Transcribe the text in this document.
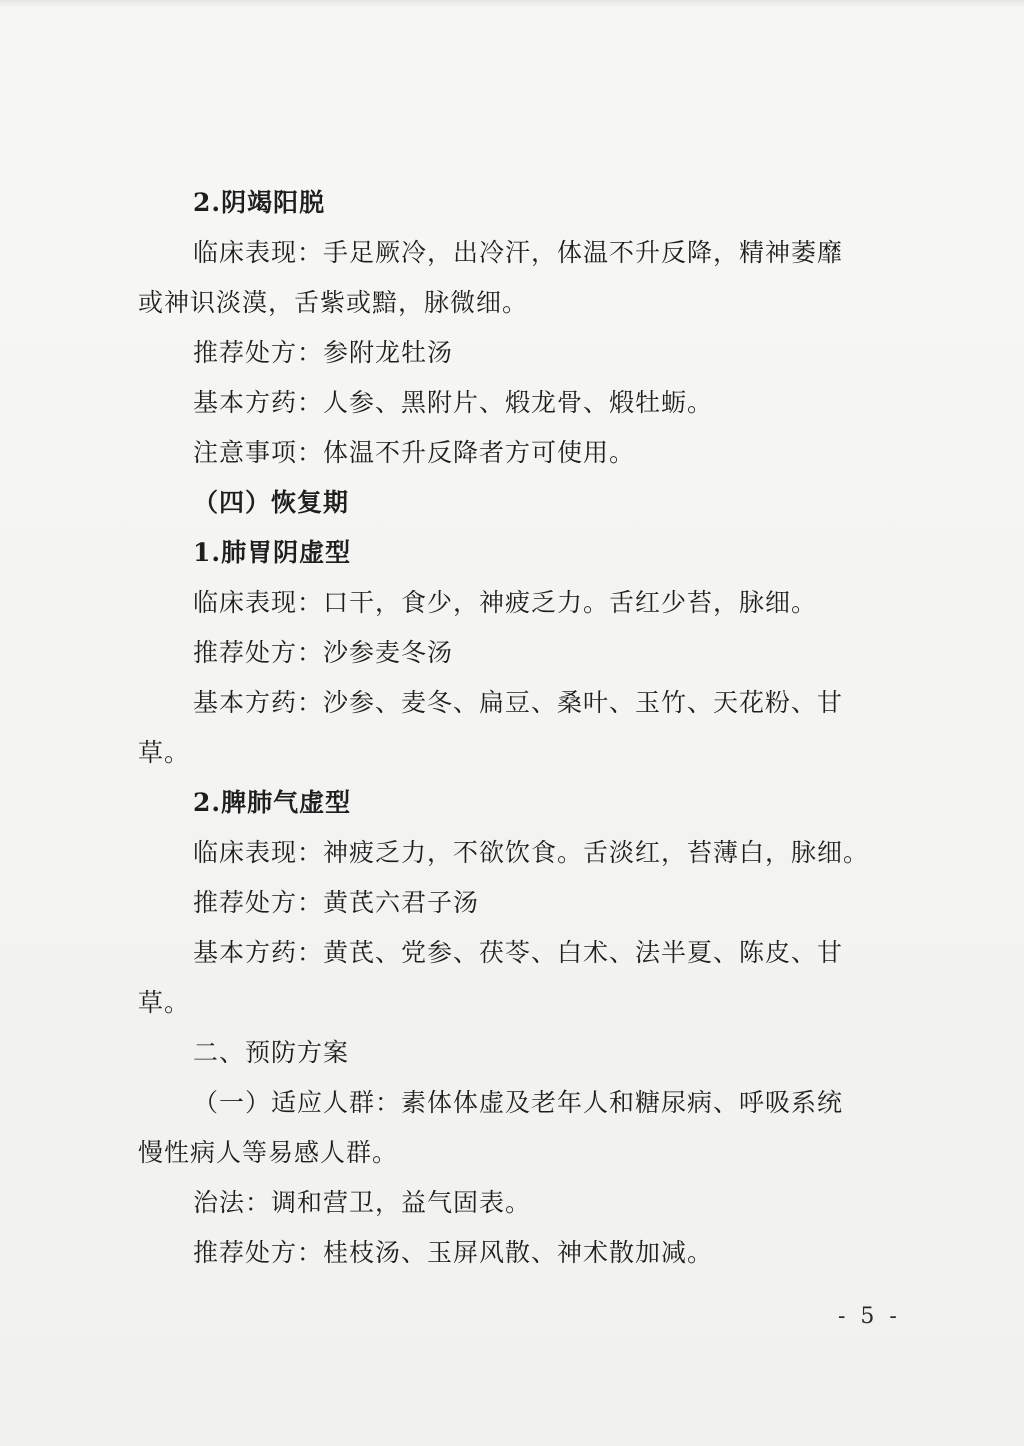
2.阴竭阳脱
临床表现：手足厥冷，出冷汗，体温不升反降，精神萎靡
或神识淡漠，舌紫或黯，脉微细。
推荐处方：参附龙牡汤
基本方药：人参、黑附片、煅龙骨、煅牡蛎。
注意事项：体温不升反降者方可使用。
（四）恢复期
1.肺胃阴虚型
临床表现：口干，食少，神疲乏力。舌红少苔，脉细。
推荐处方：沙参麦冬汤
基本方药：沙参、麦冬、扁豆、桑叶、玉竹、天花粉、甘
草。
2.脾肺气虚型
临床表现：神疲乏力，不欲饮食。舌淡红，苔薄白，脉细。
推荐处方：黄芪六君子汤
基本方药：黄芪、党参、茯苓、白术、法半夏、陈皮、甘
草。
二、预防方案
（一）适应人群：素体体虚及老年人和糖尿病、呼吸系统
慢性病人等易感人群。
治法：调和营卫，益气固表。
推荐处方：桂枝汤、玉屏风散、神术散加减。
- 5 -
